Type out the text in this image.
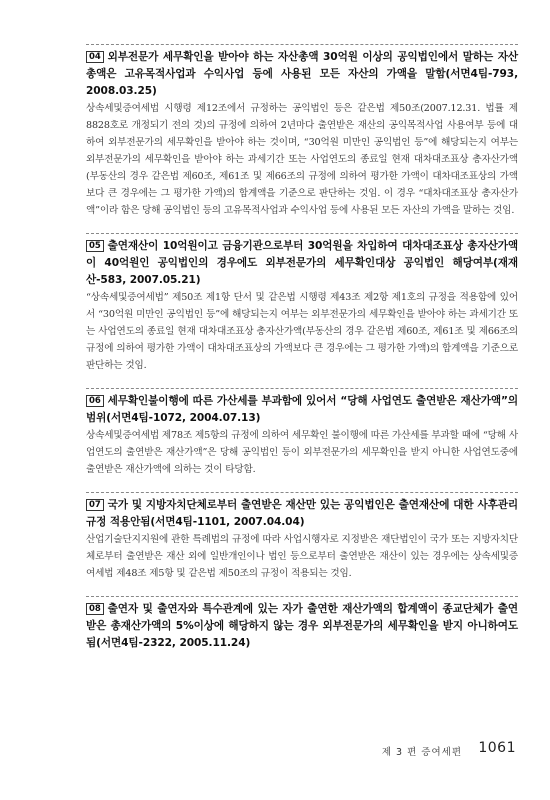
04 외부전문가 세무확인을 받아야 하는 자산총액 30억원 이상의 공익법인에서 말하는 자산총액은 고유목적사업과 수익사업 등에 사용된 모든 자산의 가액을 말함(서면4팀-793, 2008.03.25)
상속세및증여세법 시행령 제12조에서 규정하는 공익법인 등은 같은법 제50조(2007.12.31. 법률 제8828호로 개정되기 전의 것)의 규정에 의하여 2년마다 출연받은 재산의 공익목적사업 사용여부 등에 대하여 외부전문가의 세무확인을 받아야 하는 것이며, “30억원 미만인 공익법인 등”에 해당되는지 여부는 외부전문가의 세무확인을 받아야 하는 과세기간 또는 사업연도의 종료일 현재 대차대조표상 총자산가액(부동산의 경우 같은법 제60조, 제61조 및 제66조의 규정에 의하여 평가한 가액이 대차대조표상의 가액보다 큰 경우에는 그 평가한 가액)의 합계액을 기준으로 판단하는 것임. 이 경우 “대차대조표상 총자산가액”이라 함은 당해 공익법인 등의 고유목적사업과 수익사업 등에 사용된 모든 자산의 가액을 말하는 것임.
05 출연재산이 10억원이고 금융기관으로부터 30억원을 차입하여 대차대조표상 총자산가액이 40억원인 공익법인의 경우에도 외부전문가의 세무확인대상 공익법인 해당여부(재재산-583, 2007.05.21)
“상속세및증여세법” 제50조 제1항 단서 및 같은법 시행령 제43조 제2항 제1호의 규정을 적용함에 있어서 “30억원 미만인 공익법인 등”에 해당되는지 여부는 외부전문가의 세무확인을 받아야 하는 과세기간 또는 사업연도의 종료일 현재 대차대조표상 총자산가액(부동산의 경우 같은법 제60조, 제61조 및 제66조의 규정에 의하여 평가한 가액이 대차대조표상의 가액보다 큰 경우에는 그 평가한 가액)의 합계액을 기준으로 판단하는 것임.
06 세무확인불이행에 따른 가산세를 부과함에 있어서 “당해 사업연도 출연받은 재산가액”의 범위(서면4팀-1072, 2004.07.13)
상속세및증여세법 제78조 제5항의 규정에 의하여 세무확인 불이행에 따른 가산세를 부과할 때에 “당해 사업연도의 출연받은 재산가액”은 당해 공익법인 등이 외부전문가의 세무확인을 받지 아니한 사업연도중에 출연받은 재산가액에 의하는 것이 타당함.
07 국가 및 지방자치단체로부터 출연받은 재산만 있는 공익법인은 출연재산에 대한 사후관리규정 적용안됨(서면4팀-1101, 2007.04.04)
산업기술단지지원에 관한 특례법의 규정에 따라 사업시행자로 지정받은 재단법인이 국가 또는 지방자치단체로부터 출연받은 재산 외에 일반개인이나 법인 등으로부터 출연받은 재산이 있는 경우에는 상속세및증여세법 제48조 제5항 및 같은법 제50조의 규정이 적용되는 것임.
08 출연자 및 출연자와 특수관계에 있는 자가 출연한 재산가액의 합계액이 종교단체가 출연받은 총재산가액의 5%이상에 해당하지 않는 경우 외부전문가의 세무확인을 받지 아니하여도 됨(서면4팀-2322, 2005.11.24)
제 3 편 증여세편 1061
